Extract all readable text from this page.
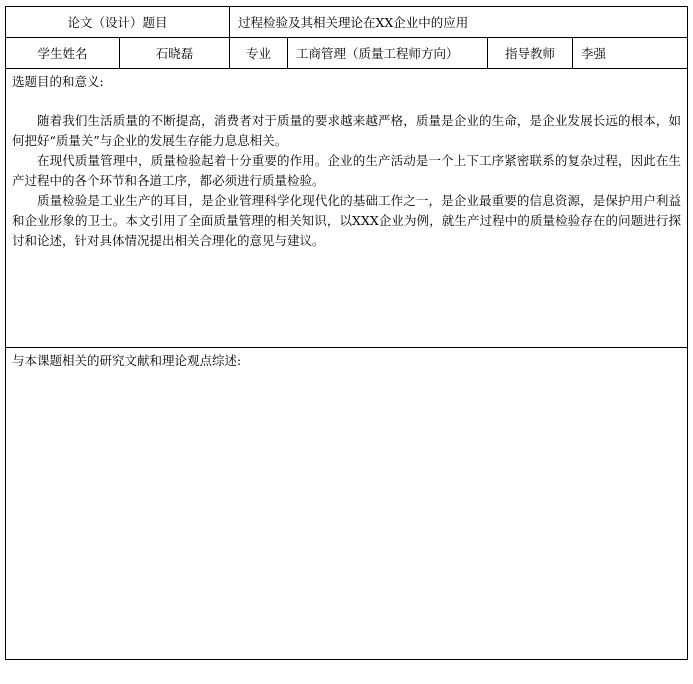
论文（设计）题目	过程检验及其相关理论在XX企业中的应用
学生姓名	石晓磊	专业	工商管理（质量工程师方向）	指导教师	李强
选题目的和意义:

随着我们生活质量的不断提高，消费者对于质量的要求越来越严格，质量是企业的生命，是企业发展长远的根本，如何把好“质量关”与企业的发展生存能力息息相关。

在现代质量管理中，质量检验起着十分重要的作用。企业的生产活动是一个上下工序紧密联系的复杂过程，因此在生产过程中的各个环节和各道工序，都必须进行质量检验。

质量检验是工业生产的耳目，是企业管理科学化现代化的基础工作之一，是企业最重要的信息资源，是保护用户利益和企业形象的卫士。本文引用了全面质量管理的相关知识，以XXX企业为例，就生产过程中的质量检验存在的问题进行探讨和论述，针对具体情况提出相关合理化的意见与建议。

与本课题相关的研究文献和理论观点综述:
